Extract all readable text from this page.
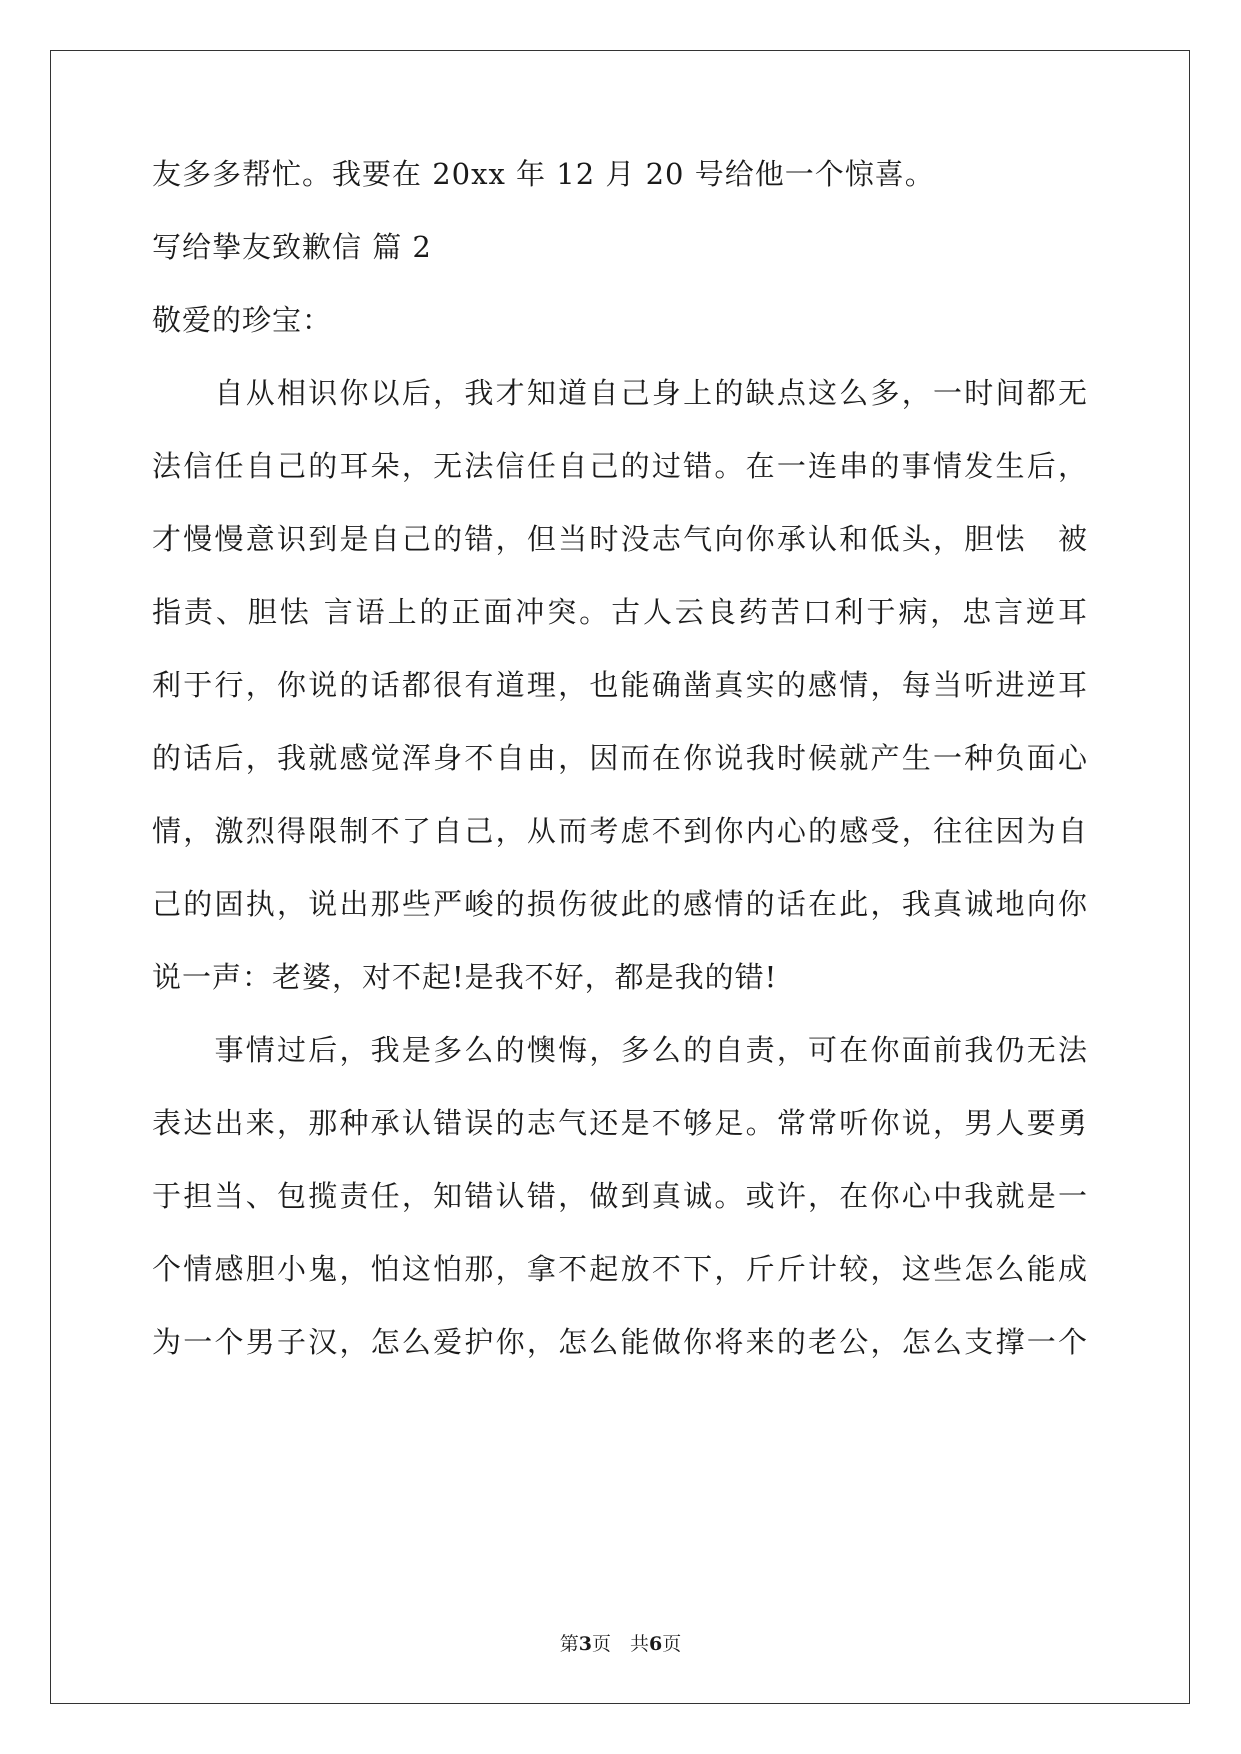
友多多帮忙。我要在 20xx 年 12 月 20 号给他一个惊喜。
写给挚友致歉信 篇 2
敬爱的珍宝：
　　自从相识你以后，我才知道自己身上的缺点这么多，一时间都无
法信任自己的耳朵，无法信任自己的过错。在一连串的事情发生后，
才慢慢意识到是自己的错，但当时没志气向你承认和低头，胆怯　被
指责、胆怯 言语上的正面冲突。古人云良药苦口利于病，忠言逆耳
利于行，你说的话都很有道理，也能确凿真实的感情，每当听进逆耳
的话后，我就感觉浑身不自由，因而在你说我时候就产生一种负面心
情，激烈得限制不了自己，从而考虑不到你内心的感受，往往因为自
己的固执，说出那些严峻的损伤彼此的感情的话在此，我真诚地向你
说一声：老婆，对不起!是我不好，都是我的错!
　　事情过后，我是多么的懊悔，多么的自责，可在你面前我仍无法
表达出来，那种承认错误的志气还是不够足。常常听你说，男人要勇
于担当、包揽责任，知错认错，做到真诚。或许，在你心中我就是一
个情感胆小鬼，怕这怕那，拿不起放不下，斤斤计较，这些怎么能成
为一个男子汉，怎么爱护你，怎么能做你将来的老公，怎么支撑一个
第3页　共6页
